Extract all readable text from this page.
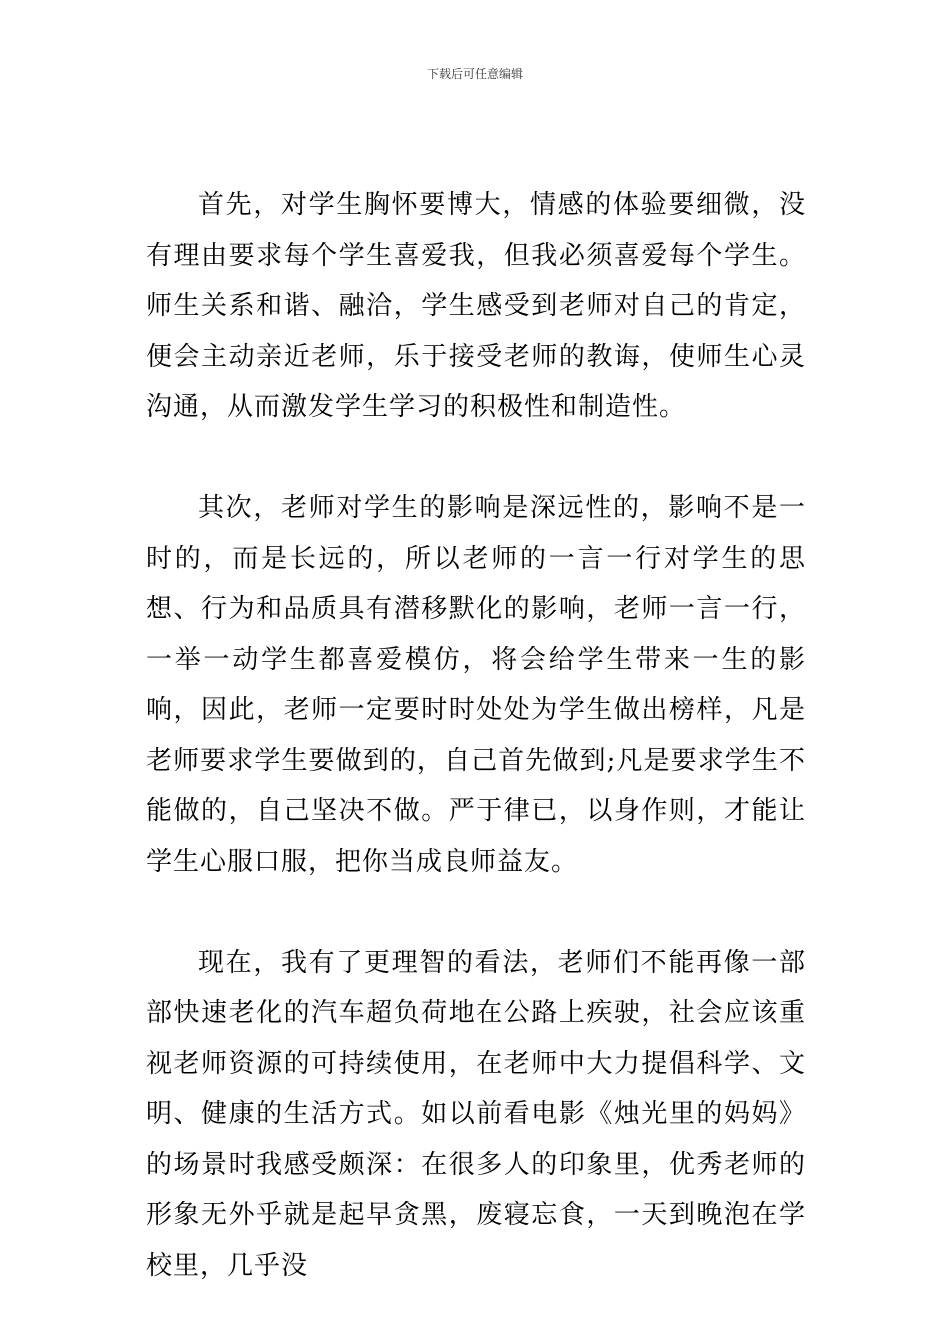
下载后可任意编辑

首先，对学生胸怀要博大，情感的体验要细微，没有理由要求每个学生喜爱我，但我必须喜爱每个学生。师生关系和谐、融洽，学生感受到老师对自己的肯定，便会主动亲近老师，乐于接受老师的教诲，使师生心灵沟通，从而激发学生学习的积极性和制造性。

其次，老师对学生的影响是深远性的，影响不是一时的，而是长远的，所以老师的一言一行对学生的思想、行为和品质具有潜移默化的影响，老师一言一行，一举一动学生都喜爱模仿，将会给学生带来一生的影响，因此，老师一定要时时处处为学生做出榜样，凡是老师要求学生要做到的，自己首先做到;凡是要求学生不能做的，自己坚决不做。严于律已，以身作则，才能让学生心服口服，把你当成良师益友。

现在，我有了更理智的看法，老师们不能再像一部部快速老化的汽车超负荷地在公路上疾驶，社会应该重视老师资源的可持续使用，在老师中大力提倡科学、文明、健康的生活方式。如以前看电影《烛光里的妈妈》的场景时我感受颇深：在很多人的印象里，优秀老师的形象无外乎就是起早贪黑，废寝忘食，一天到晚泡在学校里，几乎没
